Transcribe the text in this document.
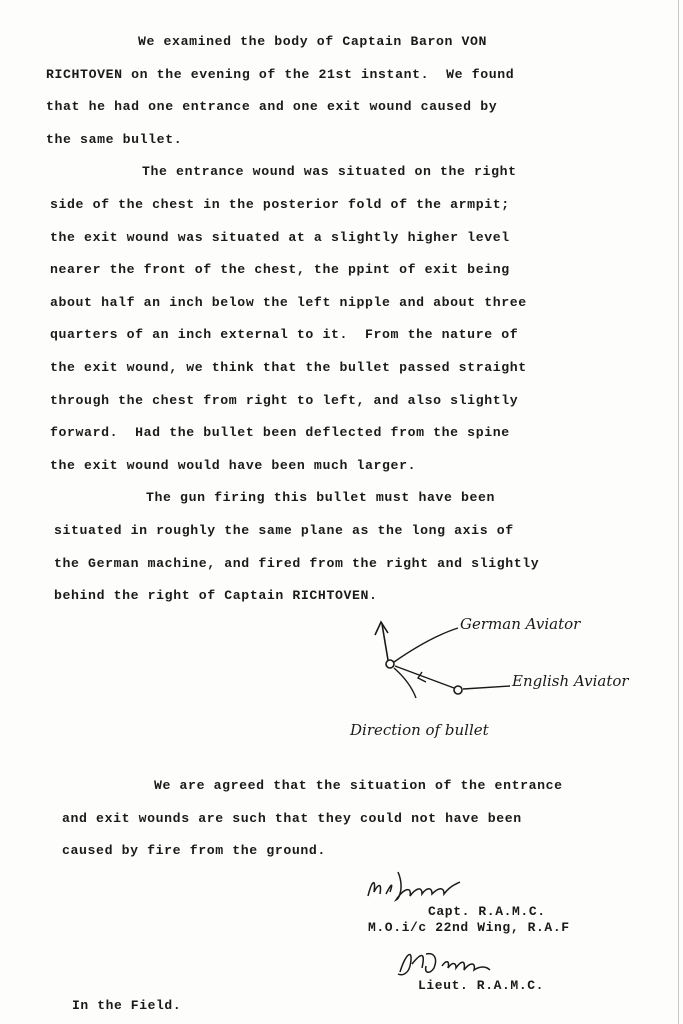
We examined the body of Captain Baron VON

RICHTOVEN on the evening of the 21st instant.  We found

that he had one entrance and one exit wound caused by

the same bullet.

The entrance wound was situated on the right

side of the chest in the posterior fold of the armpit;

the exit wound was situated at a slightly higher level

nearer the front of the chest, the ppint of exit being

about half an inch below the left nipple and about three

quarters of an inch external to it.  From the nature of

the exit wound, we think that the bullet passed straight

through the chest from right to left, and also slightly

forward.  Had the bullet been deflected from the spine

the exit wound would have been much larger.

The gun firing this bullet must have been

situated in roughly the same plane as the long axis of

the German machine, and fired from the right and slightly

behind the right of Captain RICHTOVEN.

German Aviator
English Aviator
Direction of bullet

We are agreed that the situation of the entrance

and exit wounds are such that they could not have been

caused by fire from the ground.

Capt. R.A.M.C.
M.O.i/c 22nd Wing, R.A.F
Lieut. R.A.M.C.
In the Field.
